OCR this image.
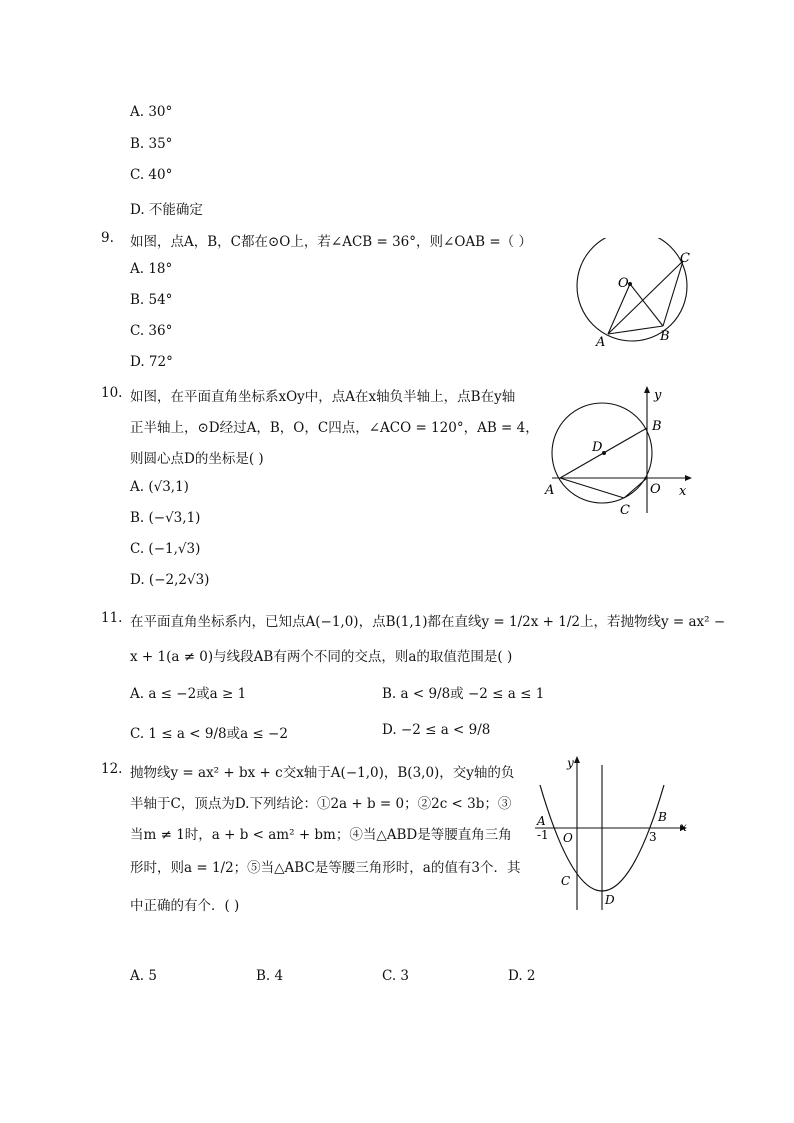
A. 30°
B. 35°
C. 40°
D. 不能确定
9. 如图，点A，B，C都在⊙O上，若∠ACB = 36°，则∠OAB =（ ）
A. 18°
B. 54°
C. 36°
D. 72°
O
A	B
C
10. 如图，在平面直角坐标系xOy中，点A在x轴负半轴上，点B在y轴
正半轴上，⊙D经过A，B，O，C四点，∠ACO = 120°，AB = 4，
则圆心点D的坐标是( )
A. (√3,1)
B. (−√3,1)
C. (−1,√3)
D. (−2,2√3)
y
x
B
D
A	O
C
11. 在平面直角坐标系内，已知点A(−1,0)，点B(1,1)都在直线y = 1/2x + 1/2上，若抛物线y = ax² −
x + 1(a ≠ 0)与线段AB有两个不同的交点，则a的取值范围是( )
A. a ≤ −2或a ≥ 1	B. a < 9/8或 −2 ≤ a ≤ 1
C. 1 ≤ a < 9/8或a ≤ −2	D. −2 ≤ a < 9/8
12. 抛物线y = ax² + bx + c交x轴于A(−1,0)，B(3,0)，交y轴的负
半轴于C，顶点为D.下列结论：①2a + b = 0；②2c < 3b；③
当m ≠ 1时，a + b < am² + bm；④当△ABD是等腰直角三角
形时，则a = 1/2；⑤当△ABC是等腰三角形时，a的值有3个．其
中正确的有个．( )
A. 5	B. 4	C. 3	D. 2
y
x
A
-1 O
B
3
C
D
